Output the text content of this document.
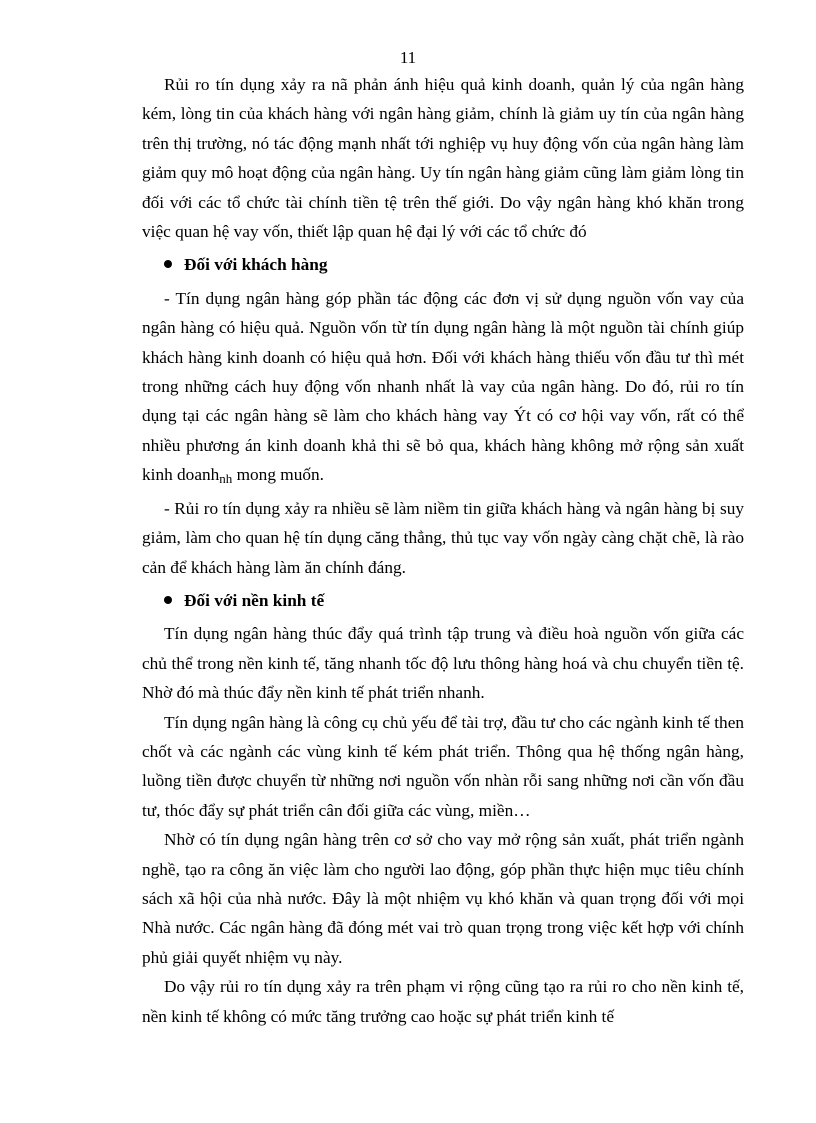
11

Rủi ro tín dụng xảy ra nã phản ánh hiệu quả kinh doanh, quản lý của ngân hàng kém, lòng tin của khách hàng với ngân hàng giảm, chính là giảm uy tín của ngân hàng trên thị trường, nó tác động mạnh nhất tới nghiệp vụ huy động vốn của ngân hàng làm giảm quy mô hoạt động của ngân hàng. Uy tín ngân hàng giảm cũng làm giảm lòng tin đối với các tổ chức tài chính tiền tệ trên thế giới. Do vậy ngân hàng khó khăn trong việc quan hệ vay vốn, thiết lập quan hệ đại lý với các tổ chức đó

Đối với khách hàng

- Tín dụng ngân hàng góp phần tác động các đơn vị sử dụng nguồn vốn vay của ngân hàng có hiệu quả. Nguồn vốn từ tín dụng ngân hàng là một nguồn tài chính giúp khách hàng kinh doanh có hiệu quả hơn. Đối với khách hàng thiếu vốn đầu tư thì mét trong những cách huy động vốn nhanh nhất là vay của ngân hàng. Do đó, rủi ro tín dụng tại các ngân hàng sẽ làm cho khách hàng vay Ýt có cơ hội vay vốn, rất có thể nhiều phương án kinh doanh khả thi sẽ bỏ qua, khách hàng không mở rộng sản xuất kinh doanh$_{nh}$ mong muốn.

- Rủi ro tín dụng xảy ra nhiều sẽ làm niềm tin giữa khách hàng và ngân hàng bị suy giảm, làm cho quan hệ tín dụng căng thẳng, thủ tục vay vốn ngày càng chặt chẽ, là rào cản để khách hàng làm ăn chính đáng.

Đối với nền kinh tế

Tín dụng ngân hàng thúc đẩy quá trình tập trung và điều hoà nguồn vốn giữa các chủ thể trong nền kinh tế, tăng nhanh tốc độ lưu thông hàng hoá và chu chuyển tiền tệ. Nhờ đó mà thúc đẩy nền kinh tế phát triển nhanh.

Tín dụng ngân hàng là công cụ chủ yếu để tài trợ, đầu tư cho các ngành kinh tế then chốt và các ngành các vùng kinh tế kém phát triển. Thông qua hệ thống ngân hàng, luồng tiền được chuyển từ những nơi nguồn vốn nhàn rỗi sang những nơi cần vốn đầu tư, thóc đẩy sự phát triển cân đối giữa các vùng, miền…

Nhờ có tín dụng ngân hàng trên cơ sở cho vay mở rộng sản xuất, phát triển ngành nghề, tạo ra công ăn việc làm cho người lao động, góp phần thực hiện mục tiêu chính sách xã hội của nhà nước. Đây là một nhiệm vụ khó khăn và quan trọng đối với mọi Nhà nước. Các ngân hàng đã đóng mét vai trò quan trọng trong việc kết hợp với chính phủ giải quyết nhiệm vụ này.

Do vậy rủi ro tín dụng xảy ra trên phạm vi rộng cũng tạo ra rủi ro cho nền kinh tế, nền kinh tế không có mức tăng trưởng cao hoặc sự phát triển kinh tế
